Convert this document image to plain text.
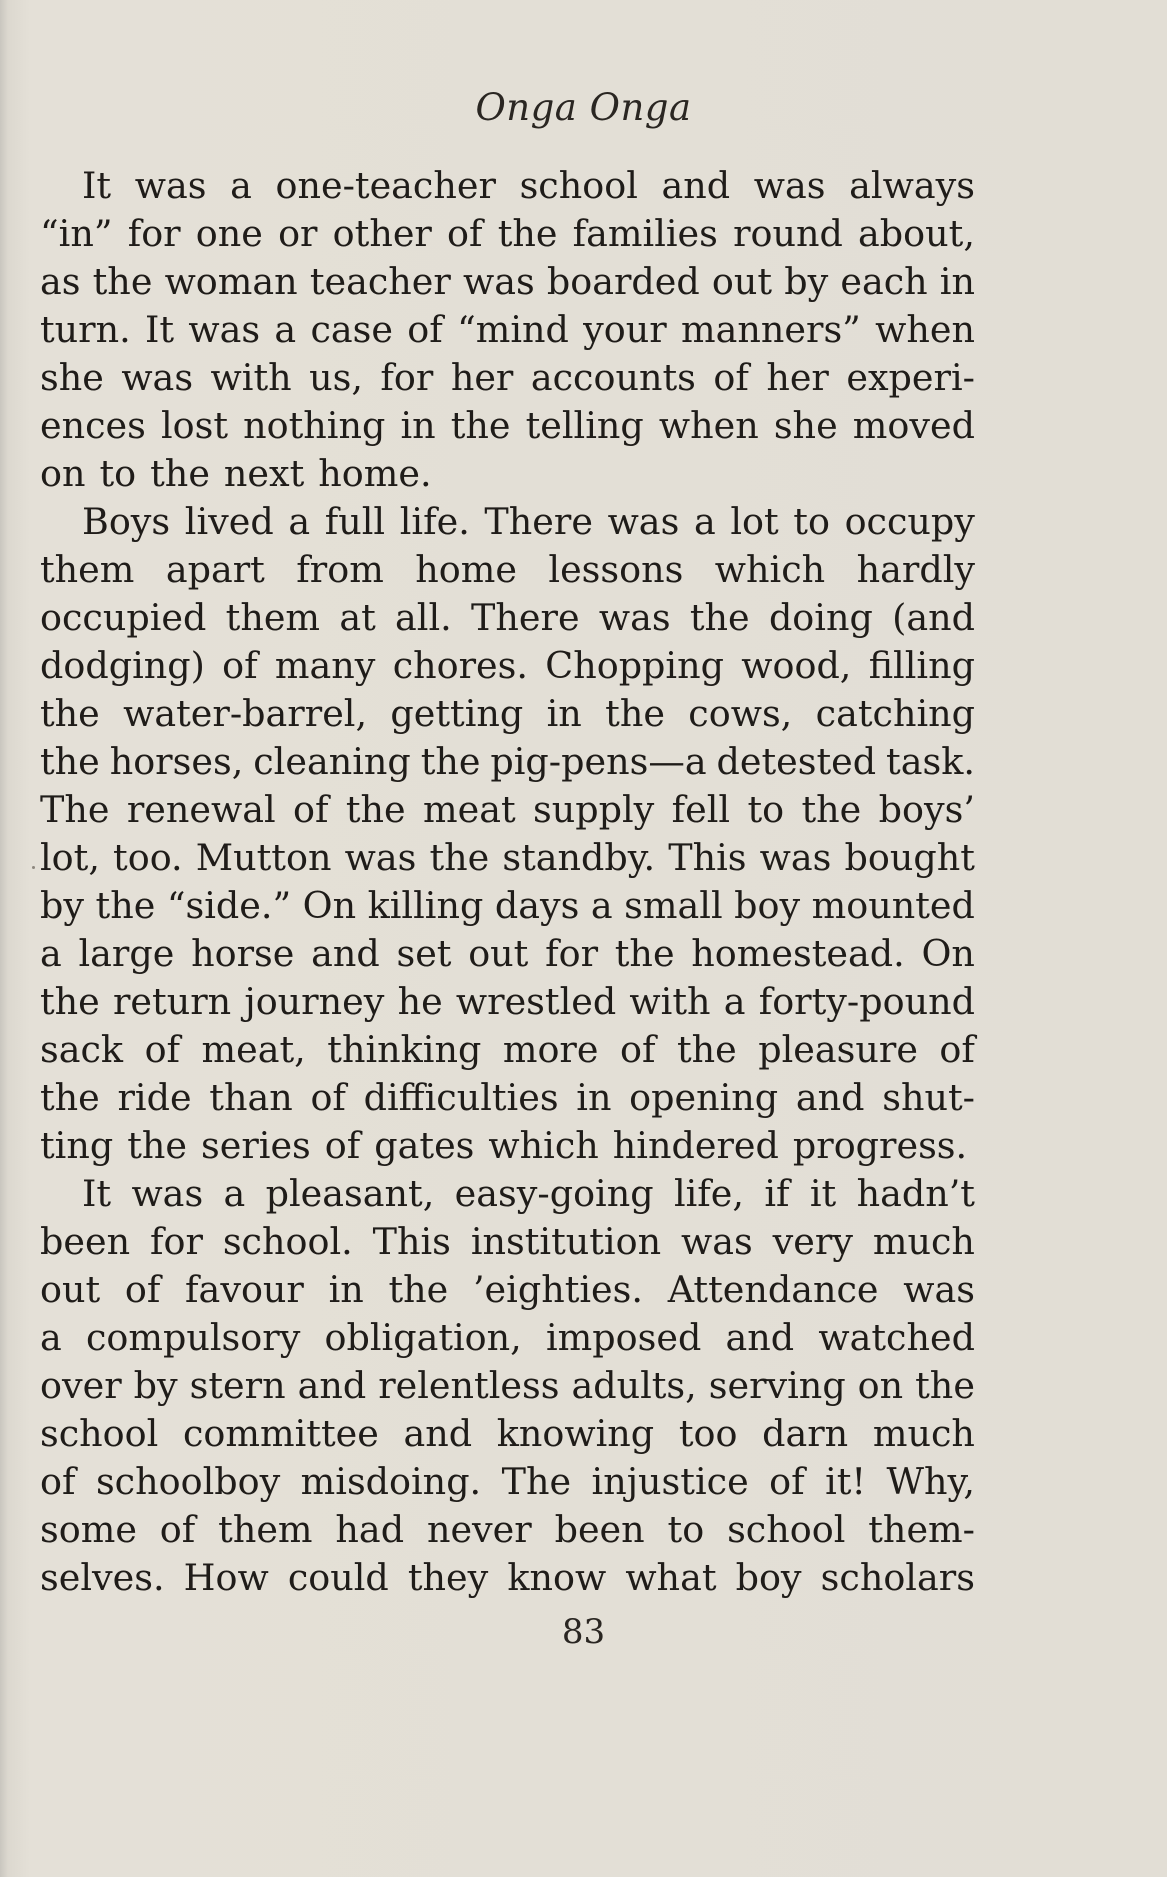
Onga Onga
It was a one-teacher school and was always
“in” for one or other of the families round about,
as the woman teacher was boarded out by each in
turn. It was a case of “mind your manners” when
she was with us, for her accounts of her experi-
ences lost nothing in the telling when she moved
on to the next home.
Boys lived a full life. There was a lot to occupy
them apart from home lessons which hardly
occupied them at all. There was the doing (and
dodging) of many chores. Chopping wood, filling
the water-barrel, getting in the cows, catching
the horses, cleaning the pig-pens—a detested task.
The renewal of the meat supply fell to the boys’
lot, too. Mutton was the standby. This was bought
by the “side.” On killing days a small boy mounted
a large horse and set out for the homestead. On
the return journey he wrestled with a forty-pound
sack of meat, thinking more of the pleasure of
the ride than of difficulties in opening and shut-
ting the series of gates which hindered progress.
It was a pleasant, easy-going life, if it hadn’t
been for school. This institution was very much
out of favour in the ’eighties. Attendance was
a compulsory obligation, imposed and watched
over by stern and relentless adults, serving on the
school committee and knowing too darn much
of schoolboy misdoing. The injustice of it! Why,
some of them had never been to school them-
selves. How could they know what boy scholars
83
